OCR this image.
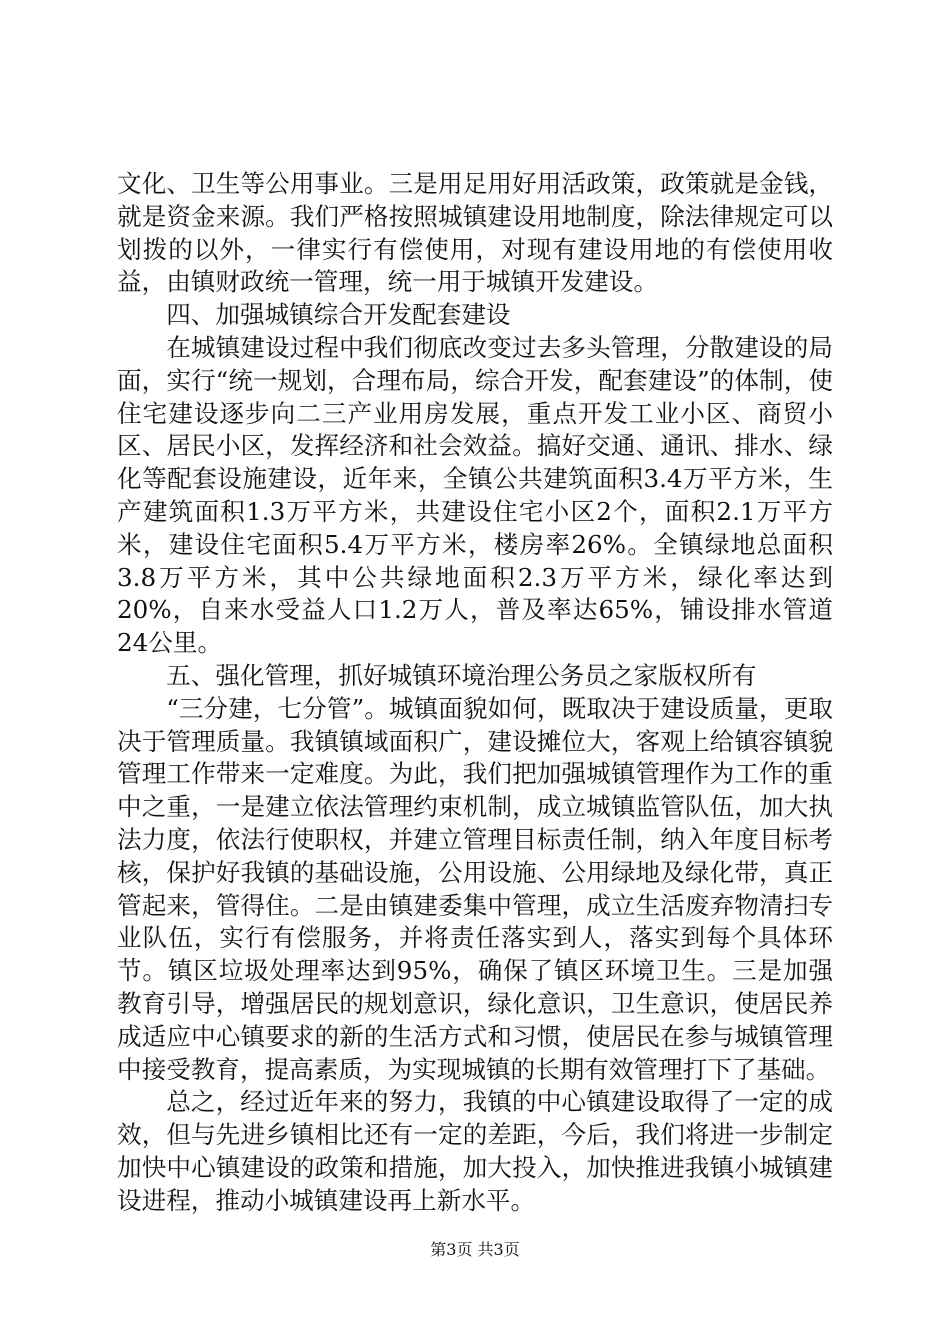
文化、卫生等公用事业。三是用足用好用活政策，政策就是金钱，就是资金来源。我们严格按照城镇建设用地制度，除法律规定可以划拨的以外，一律实行有偿使用，对现有建设用地的有偿使用收益，由镇财政统一管理，统一用于城镇开发建设。

四、加强城镇综合开发配套建设

在城镇建设过程中我们彻底改变过去多头管理，分散建设的局面，实行“统一规划，合理布局，综合开发，配套建设”的体制，使住宅建设逐步向二三产业用房发展，重点开发工业小区、商贸小区、居民小区，发挥经济和社会效益。搞好交通、通讯、排水、绿化等配套设施建设，近年来，全镇公共建筑面积3.4万平方米，生产建筑面积1.3万平方米，共建设住宅小区2个，面积2.1万平方米，建设住宅面积5.4万平方米，楼房率26%。全镇绿地总面积3.8万平方米，其中公共绿地面积2.3万平方米，绿化率达到20%，自来水受益人口1.2万人，普及率达65%，铺设排水管道24公里。

五、强化管理，抓好城镇环境治理公务员之家版权所有

“三分建，七分管”。城镇面貌如何，既取决于建设质量，更取决于管理质量。我镇镇域面积广，建设摊位大，客观上给镇容镇貌管理工作带来一定难度。为此，我们把加强城镇管理作为工作的重中之重，一是建立依法管理约束机制，成立城镇监管队伍，加大执法力度，依法行使职权，并建立管理目标责任制，纳入年度目标考核，保护好我镇的基础设施，公用设施、公用绿地及绿化带，真正管起来，管得住。二是由镇建委集中管理，成立生活废弃物清扫专业队伍，实行有偿服务，并将责任落实到人，落实到每个具体环节。镇区垃圾处理率达到95%，确保了镇区环境卫生。三是加强教育引导，增强居民的规划意识，绿化意识，卫生意识，使居民养成适应中心镇要求的新的生活方式和习惯，使居民在参与城镇管理中接受教育，提高素质，为实现城镇的长期有效管理打下了基础。

总之，经过近年来的努力，我镇的中心镇建设取得了一定的成效，但与先进乡镇相比还有一定的差距，今后，我们将进一步制定加快中心镇建设的政策和措施，加大投入，加快推进我镇小城镇建设进程，推动小城镇建设再上新水平。

第3页 共3页
